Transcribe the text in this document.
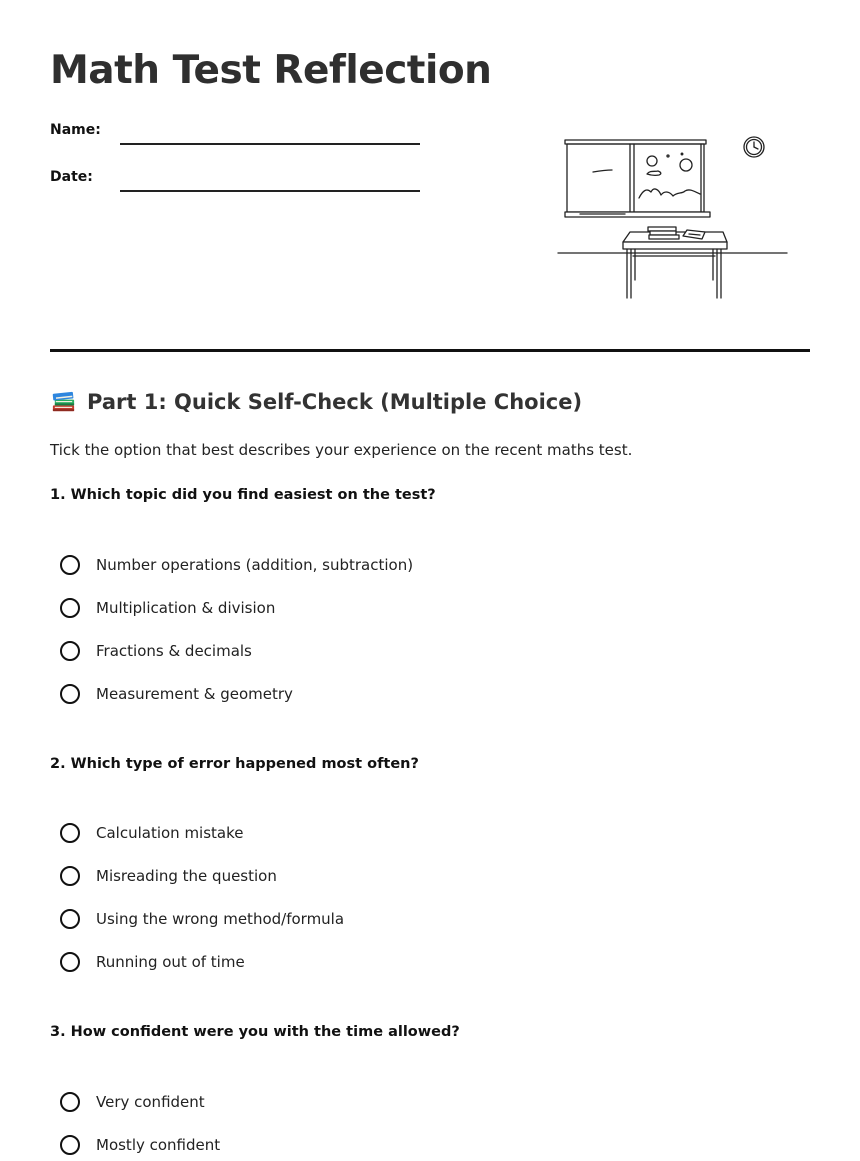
Math Test Reflection
Name:
Date:
Part 1: Quick Self-Check (Multiple Choice)

Tick the option that best describes your experience on the recent maths test.

1. Which topic did you find easiest on the test?
Number operations (addition, subtraction)
Multiplication & division
Fractions & decimals
Measurement & geometry
2. Which type of error happened most often?
Calculation mistake
Misreading the question
Using the wrong method/formula
Running out of time
3. How confident were you with the time allowed?
Very confident
Mostly confident
